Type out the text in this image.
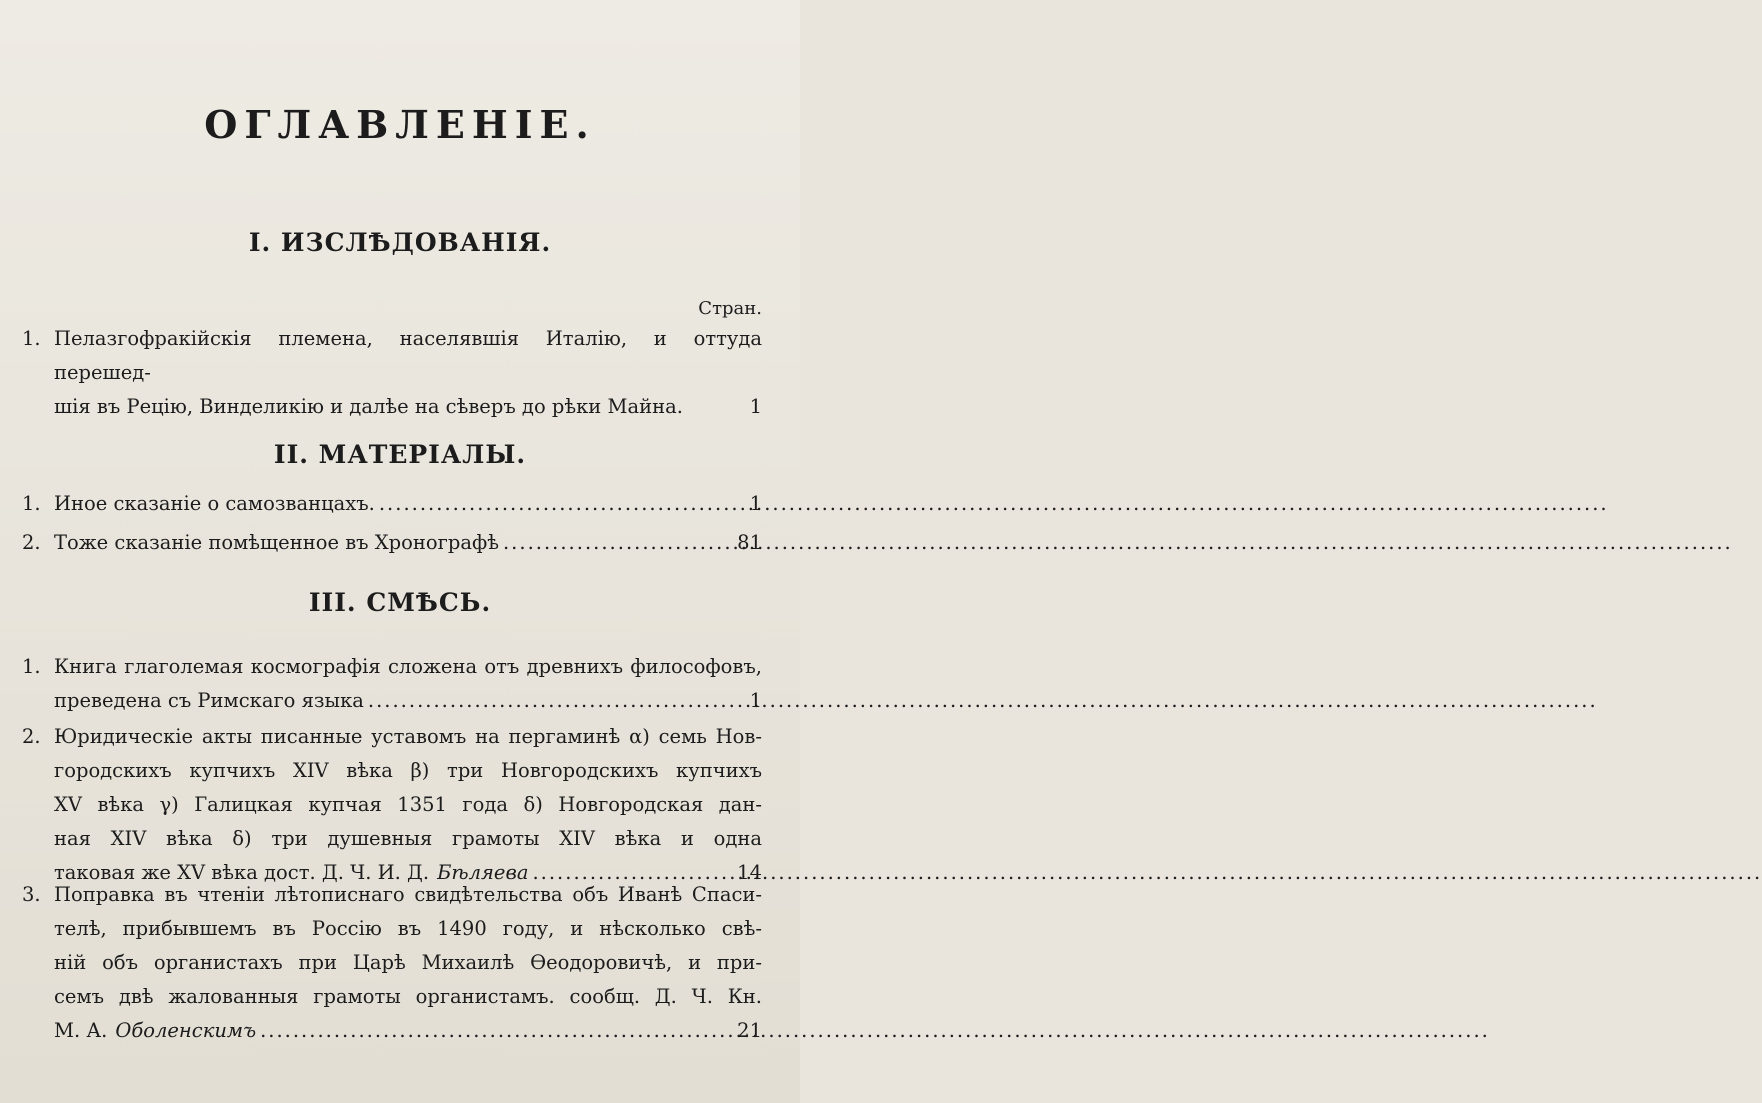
ОГЛАВЛЕНІЕ.
I. ИЗСЛѢДОВАНІЯ.
Стран.
1. Пелазгофракійскія племена, населявшія Италію, и оттуда перешед-
шія въ Рецію, Винделикію и далѣе на сѣверъ до рѣки Майна.	1
II. МАТЕРІАЛЫ.
1. Иное сказаніе о самозванцахъ. .....	1
2. Тоже сказаніе помѣщенное въ Хронографѣ .....	81
III. СМѢСЬ.
1. Книга глаголемая космографія сложена отъ древнихъ философовъ,
преведена съ Римскаго языка .....	1
2. Юридическіе акты писанные уставомъ на пергаминѣ α) семь Нов-
городскихъ купчихъ XIV вѣка β) три Новгородскихъ купчихъ
XV вѣка γ) Галицкая купчая 1351 года δ) Новгородская дан-
ная XIV вѣка δ) три душевныя грамоты XIV вѣка и одна
таковая же XV вѣка дост. Д. Ч. И. Д. Бѣляева .....	14
3. Поправка въ чтеніи лѣтописнаго свидѣтельства объ Иванѣ Спаси-
телѣ, прибывшемъ въ Россію въ 1490 году, и нѣсколько свѣ-
ній объ органистахъ при Царѣ Михаилѣ Ѳеодоровичѣ, и при-
семъ двѣ жалованныя грамоты органистамъ. сообщ. Д. Ч. Кн.
М. А. Оболенскимъ .....	21
